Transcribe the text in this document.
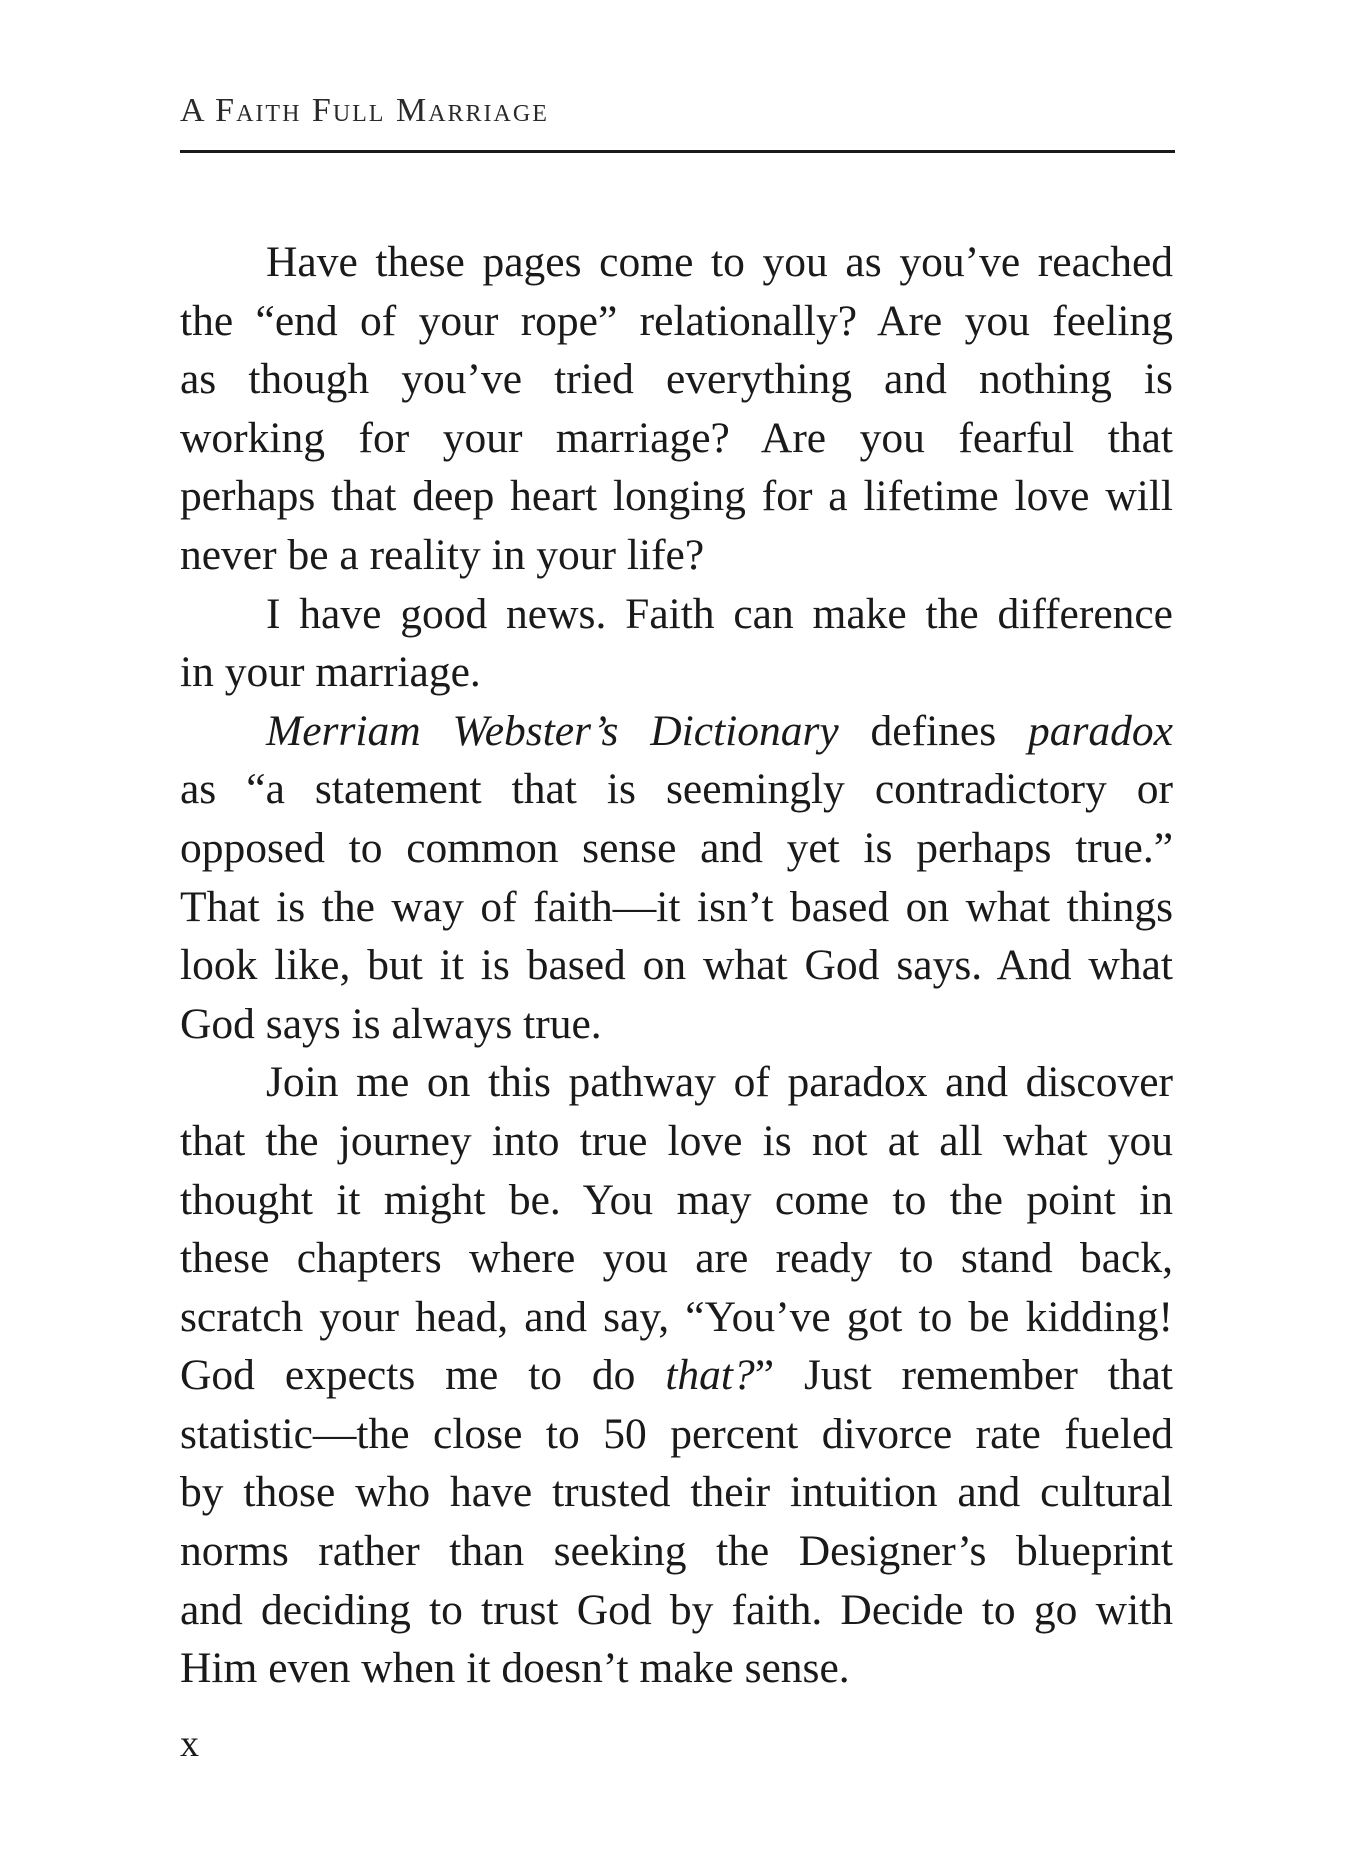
A Faith Full Marriage
Have these pages come to you as you’ve reached
the “end of your rope” relationally? Are you feeling
as though you’ve tried everything and nothing is
working for your marriage? Are you fearful that
perhaps that deep heart longing for a lifetime love will
never be a reality in your life?
I have good news. Faith can make the difference
in your marriage.
Merriam Webster’s Dictionary defines paradox
as “a statement that is seemingly contradictory or
opposed to common sense and yet is perhaps true.”
That is the way of faith—it isn’t based on what things
look like, but it is based on what God says. And what
God says is always true.
Join me on this pathway of paradox and discover
that the journey into true love is not at all what you
thought it might be. You may come to the point in
these chapters where you are ready to stand back,
scratch your head, and say, “You’ve got to be kidding!
God expects me to do that?” Just remember that
statistic—the close to 50 percent divorce rate fueled
by those who have trusted their intuition and cultural
norms rather than seeking the Designer’s blueprint
and deciding to trust God by faith. Decide to go with
Him even when it doesn’t make sense.
x
